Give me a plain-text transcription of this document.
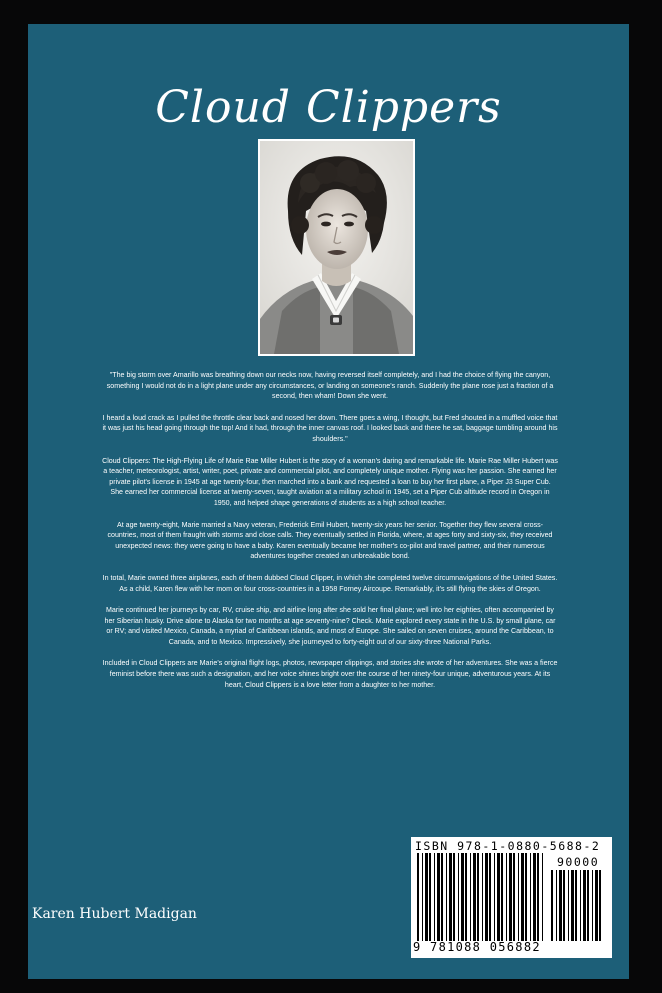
Cloud Clippers

"The big storm over Amarillo was breathing down our necks now, having reversed itself completely, and I had the choice of flying the canyon, something I would not do in a light plane under any circumstances, or landing on someone's ranch. Suddenly the plane rose just a fraction of a second, then wham! Down she went.

I heard a loud crack as I pulled the throttle clear back and nosed her down. There goes a wing, I thought, but Fred shouted in a muffled voice that it was just his head going through the top! And it had, through the inner canvas roof. I looked back and there he sat, baggage tumbling around his shoulders."

Cloud Clippers: The High-Flying Life of Marie Rae Miller Hubert is the story of a woman's daring and remarkable life. Marie Rae Miller Hubert was a teacher, meteorologist, artist, writer, poet, private and commercial pilot, and completely unique mother. Flying was her passion. She earned her private pilot's license in 1945 at age twenty-four, then marched into a bank and requested a loan to buy her first plane, a Piper J3 Super Cub. She earned her commercial license at twenty-seven, taught aviation at a military school in 1945, set a Piper Cub altitude record in Oregon in 1950, and helped shape generations of students as a high school teacher.

At age twenty-eight, Marie married a Navy veteran, Frederick Emil Hubert, twenty-six years her senior. Together they flew several cross-countries, most of them fraught with storms and close calls. They eventually settled in Florida, where, at ages forty and sixty-six, they received unexpected news: they were going to have a baby. Karen eventually became her mother's co-pilot and travel partner, and their numerous adventures together created an unbreakable bond.

In total, Marie owned three airplanes, each of them dubbed Cloud Clipper, in which she completed twelve circumnavigations of the United States. As a child, Karen flew with her mom on four cross-countries in a 1958 Forney Aircoupe. Remarkably, it's still flying the skies of Oregon.

Marie continued her journeys by car, RV, cruise ship, and airline long after she sold her final plane; well into her eighties, often accompanied by her Siberian husky. Drive alone to Alaska for two months at age seventy-nine? Check. Marie explored every state in the U.S. by small plane, car or RV; and visited Mexico, Canada, a myriad of Caribbean islands, and most of Europe. She sailed on seven cruises, around the Caribbean, to Canada, and to Mexico. Impressively, she journeyed to forty-eight out of our sixty-three National Parks.

Included in Cloud Clippers are Marie's original flight logs, photos, newspaper clippings, and stories she wrote of her adventures. She was a fierce feminist before there was such a designation, and her voice shines bright over the course of her ninety-four unique, adventurous years. At its heart, Cloud Clippers is a love letter from a daughter to her mother.

Karen Hubert Madigan
ISBN 978-1-0880-5688-2
90000
9 781088 056882
